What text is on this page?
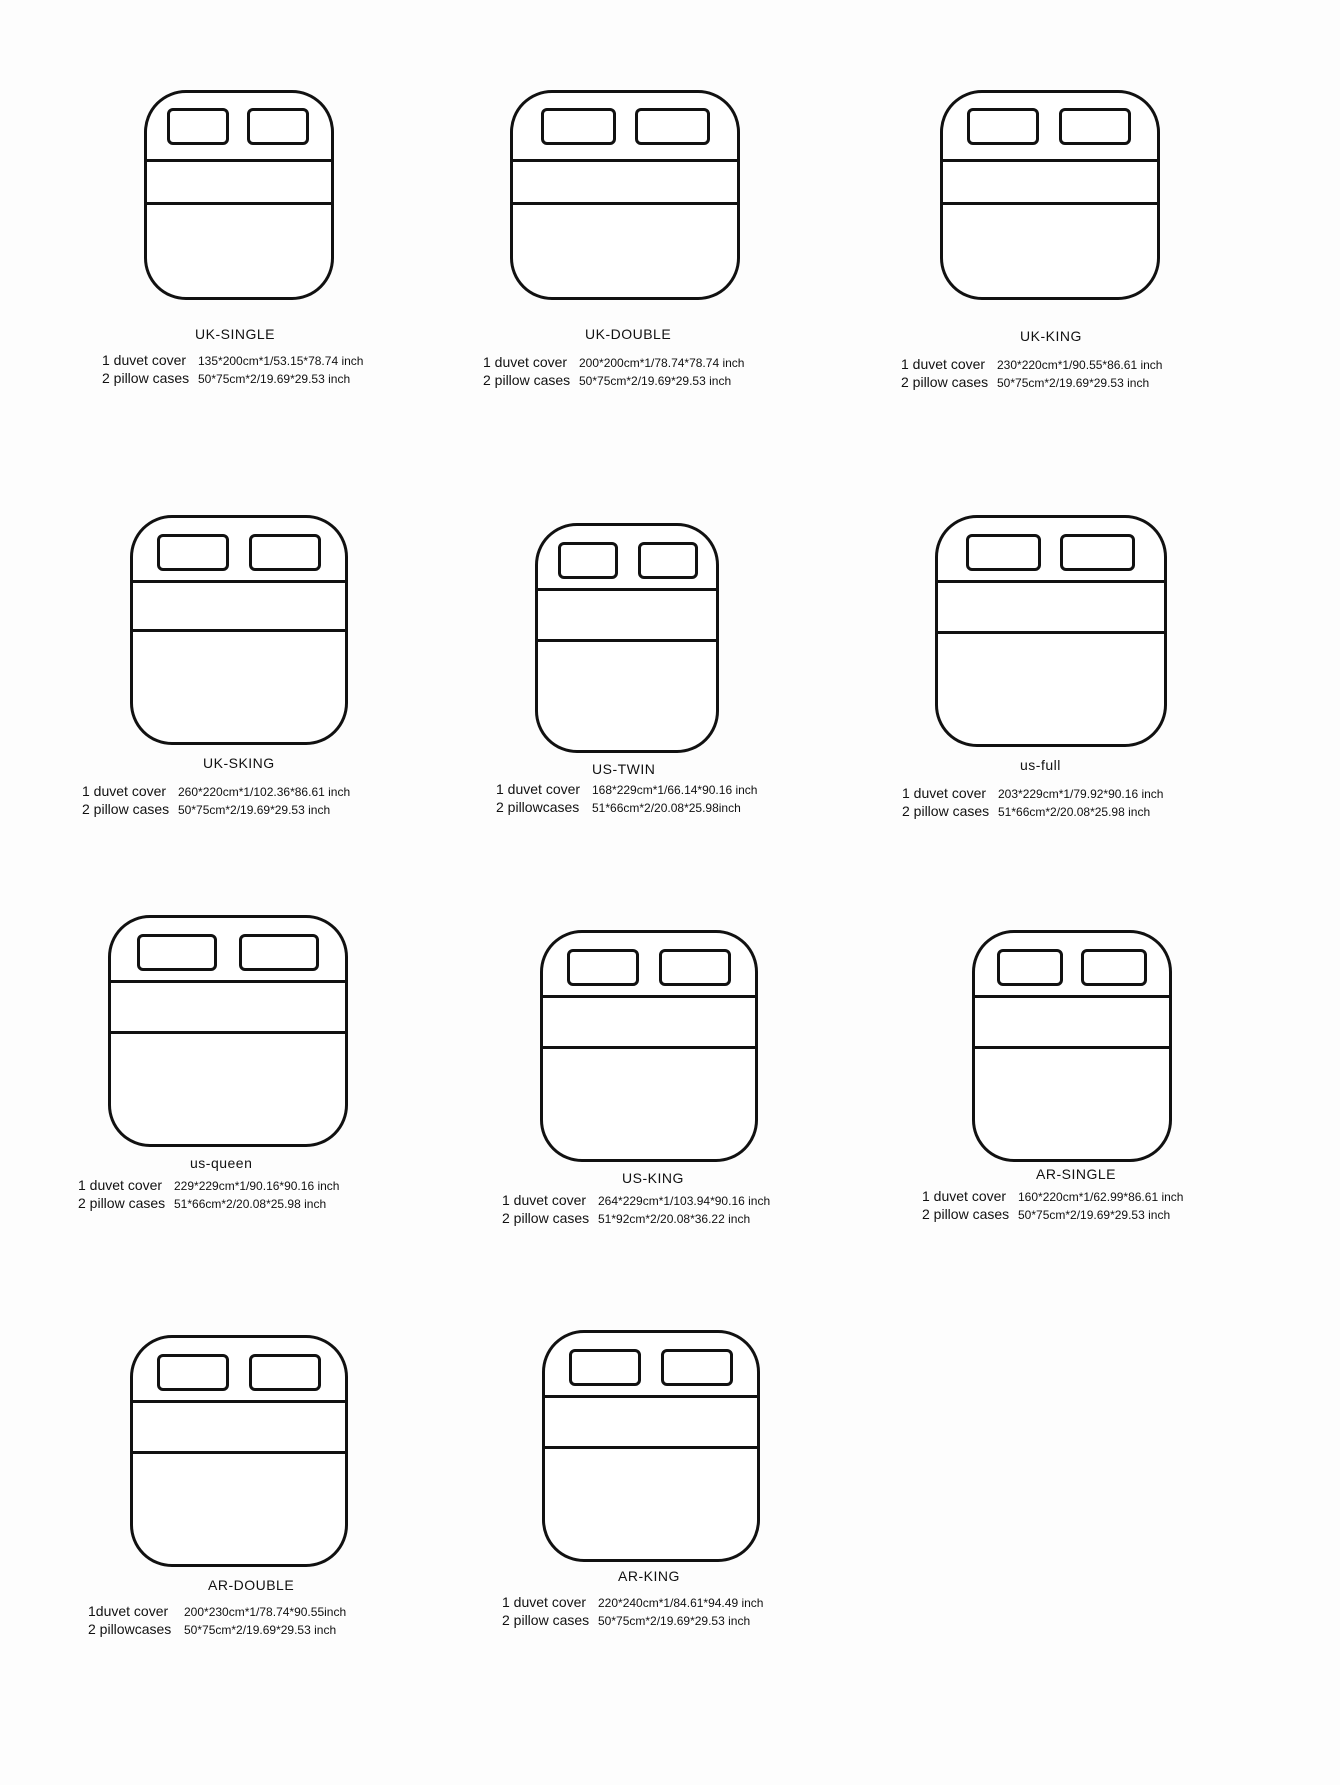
UK-SINGLE
1 duvet cover 135*200cm*1/53.15*78.74 inch
2 pillow cases 50*75cm*2/19.69*29.53 inch
UK-DOUBLE
1 duvet cover 200*200cm*1/78.74*78.74 inch
2 pillow cases 50*75cm*2/19.69*29.53 inch
UK-KING
1 duvet cover 230*220cm*1/90.55*86.61 inch
2 pillow cases 50*75cm*2/19.69*29.53 inch
UK-SKING
1 duvet cover 260*220cm*1/102.36*86.61 inch
2 pillow cases 50*75cm*2/19.69*29.53 inch
US-TWIN
1 duvet cover 168*229cm*1/66.14*90.16 inch
2 pillowcases 51*66cm*2/20.08*25.98inch
us-full
1 duvet cover 203*229cm*1/79.92*90.16 inch
2 pillow cases 51*66cm*2/20.08*25.98 inch
us-queen
1 duvet cover 229*229cm*1/90.16*90.16 inch
2 pillow cases 51*66cm*2/20.08*25.98 inch
US-KING
1 duvet cover 264*229cm*1/103.94*90.16 inch
2 pillow cases 51*92cm*2/20.08*36.22 inch
AR-SINGLE
1 duvet cover 160*220cm*1/62.99*86.61 inch
2 pillow cases 50*75cm*2/19.69*29.53 inch
AR-DOUBLE
1duvet cover 200*230cm*1/78.74*90.55inch
2 pillowcases 50*75cm*2/19.69*29.53 inch
AR-KING
1 duvet cover 220*240cm*1/84.61*94.49 inch
2 pillow cases 50*75cm*2/19.69*29.53 inch
